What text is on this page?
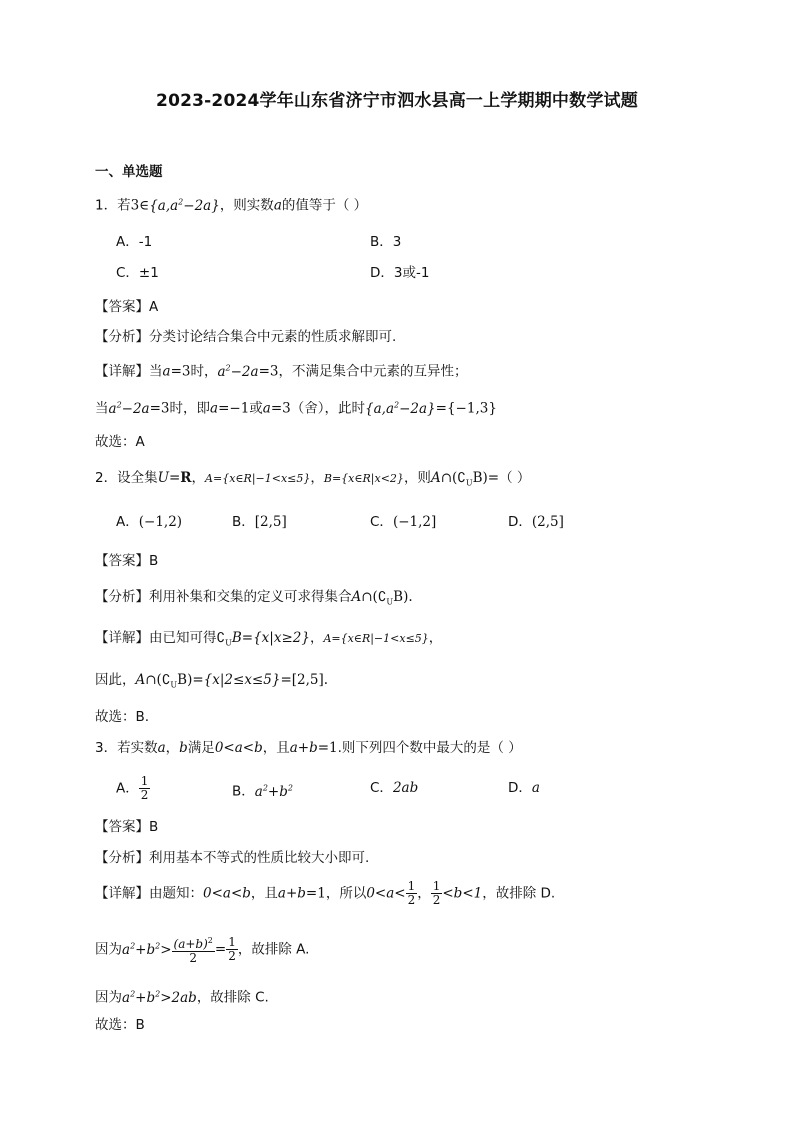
2023-2024学年山东省济宁市泗水县高一上学期期中数学试题
一、单选题
1．若$3\in\{a,a^2-2a\}$，则实数a的值等于（ ）
A．-1	B．3
C．±1	D．3或-1
【答案】A
【分析】分类讨论结合集合中元素的性质求解即可.
【详解】当a=3时，$a^2-2a=3$，不满足集合中元素的互异性；
当$a^2-2a=3$时，即a=−1或a=3（舍），此时$\{a,a^2-2a\}=\{-1,3\}$
故选：A
2．设全集U=R，A={x∈R|−1<x≤5}，B={x∈R|x<2}，则$A\cap(∁_UB)=$（ ）
A．(−1,2)	B．[2,5]	C．(−1,2]	D．(2,5]
【答案】B
【分析】利用补集和交集的定义可求得集合$A\cap(∁_UB)$.
【详解】由已知可得$∁_UB=\{x|x\ge 2\}$，A={x∈R|−1<x≤5}，
因此，$A\cap(∁_UB)=\{x|2\le x\le 5\}=[2,5]$.
故选：B.
3．若实数a，b满足0<a<b，且a+b=1.则下列四个数中最大的是（ ）
A． $\frac{1}{2}$	B．$a^2+b^2$	C．2ab	D．a
【答案】B
【分析】利用基本不等式的性质比较大小即可.
【详解】由题知：0<a<b，且a+b=1，所以$0<a< \frac{1}{2}$ ， $\frac{1}{2} <b<1$，故排除 D.
因为$a^2+b^2> \frac{(a+b)^2}{2} = \frac{1}{2}$ ，故排除 A.
因为$a^2+b^2>2ab$，故排除 C.
故选：B
